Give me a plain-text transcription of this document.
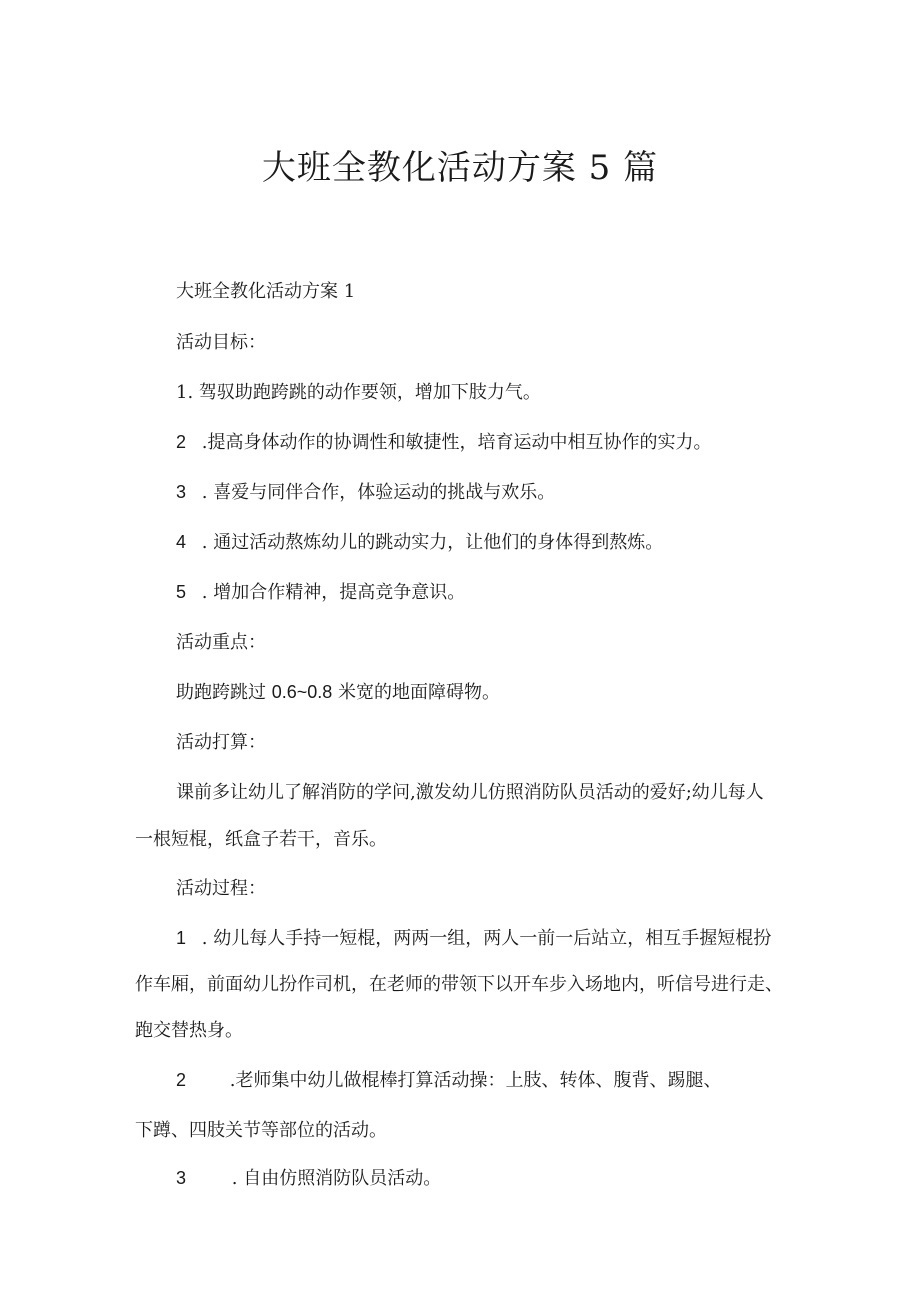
大班全教化活动方案 5 篇
大班全教化活动方案 1
活动目标：
1. 驾驭助跑跨跳的动作要领，增加下肢力气。
2 .提高身体动作的协调性和敏捷性，培育运动中相互协作的实力。
3 . 喜爱与同伴合作，体验运动的挑战与欢乐。
4 . 通过活动熬炼幼儿的跳动实力，让他们的身体得到熬炼。
5 . 增加合作精神，提高竞争意识。
活动重点：
助跑跨跳过 0.6~0.8 米宽的地面障碍物。
活动打算：
课前多让幼儿了解消防的学问,激发幼儿仿照消防队员活动的爱好;幼儿每人
一根短棍，纸盒子若干，音乐。
活动过程：
1 . 幼儿每人手持一短棍，两两一组，两人一前一后站立，相互手握短棍扮
作车厢，前面幼儿扮作司机，在老师的带领下以开车步入场地内，听信号进行走、
跑交替热身。
2 .老师集中幼儿做棍棒打算活动操：上肢、转体、腹背、踢腿、
下蹲、四肢关节等部位的活动。
3	. 自由仿照消防队员活动。
